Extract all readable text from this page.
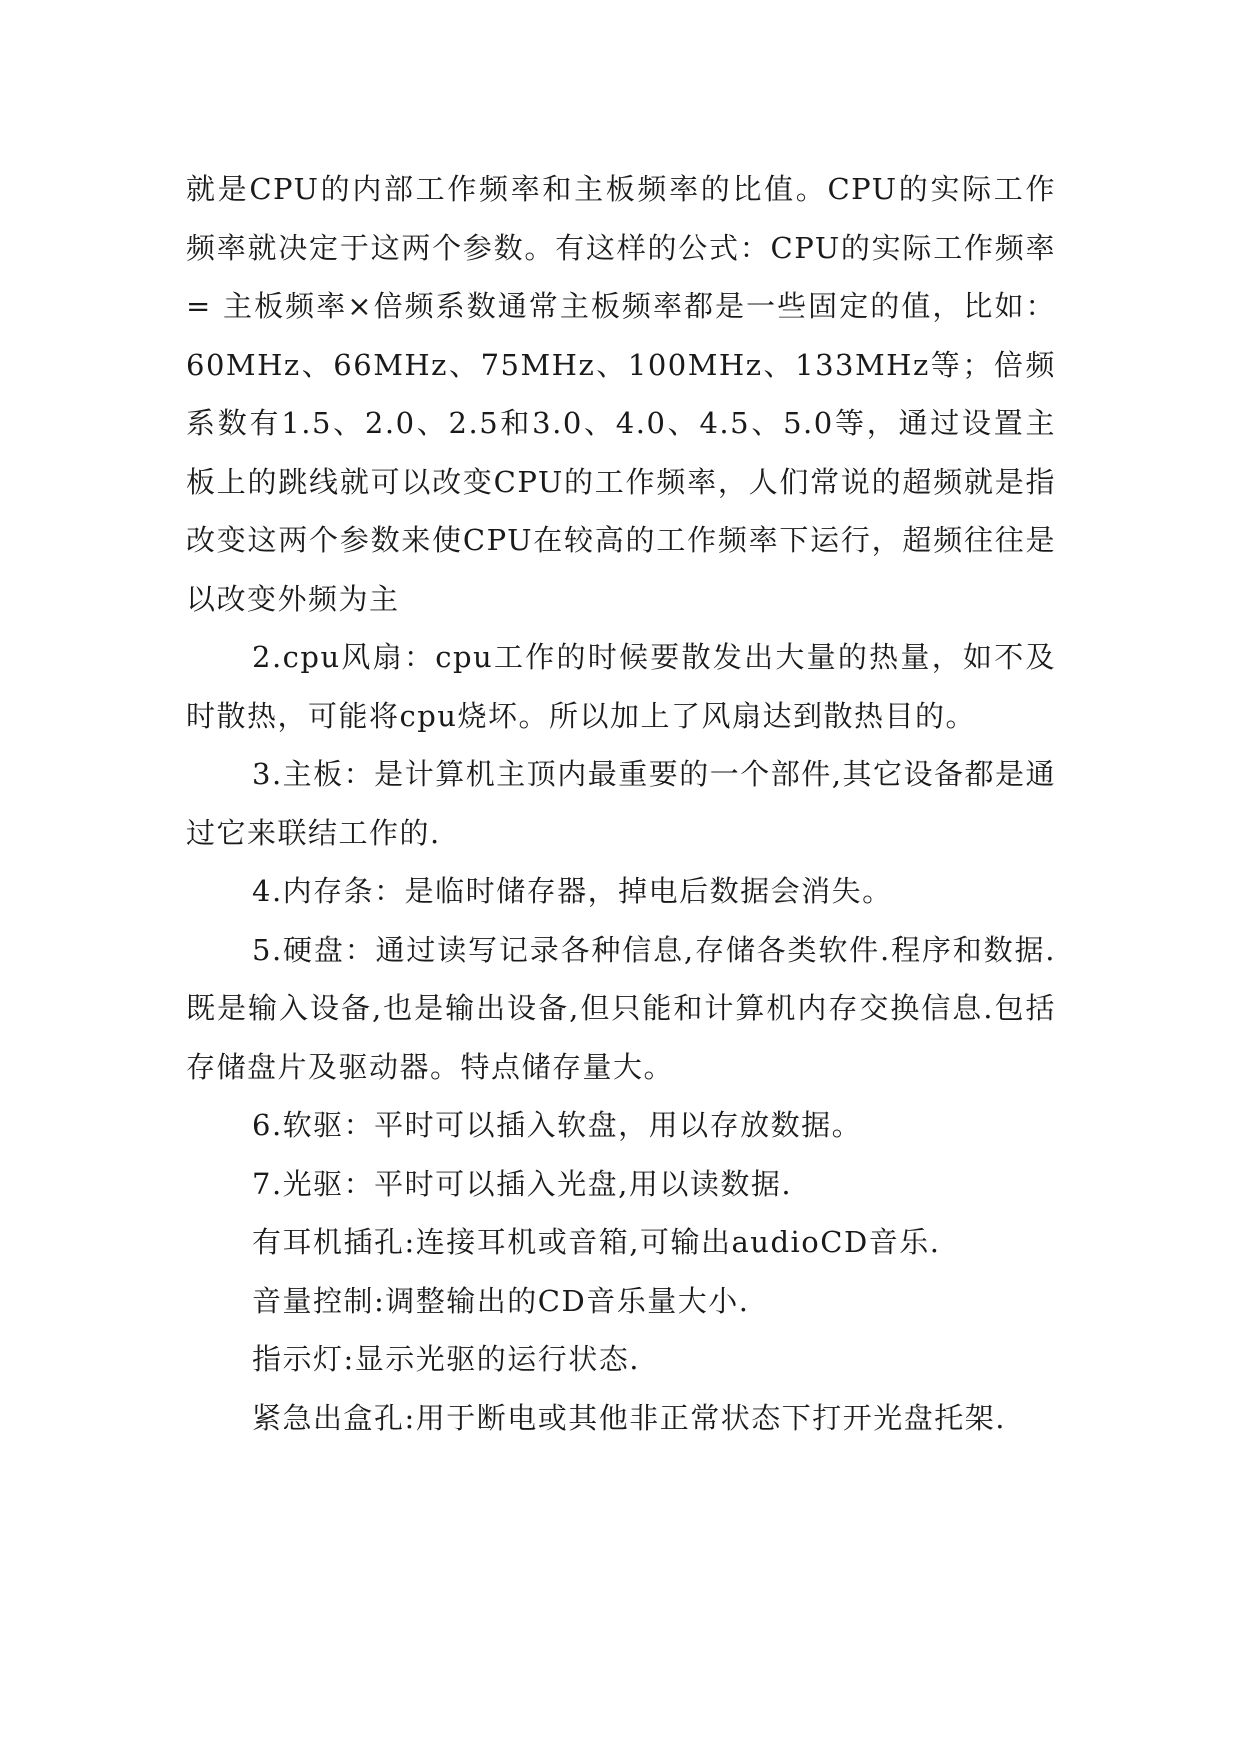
就是CPU的内部工作频率和主板频率的比值。CPU的实际工作频率就决定于这两个参数。有这样的公式：CPU的实际工作频率 = 主板频率×倍频系数通常主板频率都是一些固定的值，比如：60MHz、66MHz、75MHz、100MHz、133MHz等；倍频系数有1.5、2.0、2.5和3.0、4.0、4.5、5.0等，通过设置主板上的跳线就可以改变CPU的工作频率，人们常说的超频就是指改变这两个参数来使CPU在较高的工作频率下运行，超频往往是以改变外频为主

2.cpu风扇：cpu工作的时候要散发出大量的热量，如不及时散热，可能将cpu烧坏。所以加上了风扇达到散热目的。

3.主板：是计算机主顶内最重要的一个部件,其它设备都是通过它来联结工作的.

4.内存条：是临时储存器，掉电后数据会消失。

5.硬盘：通过读写记录各种信息,存储各类软件.程序和数据.既是输入设备,也是输出设备,但只能和计算机内存交换信息.包括存储盘片及驱动器。特点储存量大。

6.软驱：平时可以插入软盘，用以存放数据。

7.光驱：平时可以插入光盘,用以读数据.

有耳机插孔:连接耳机或音箱,可输出audioCD音乐.

音量控制:调整输出的CD音乐量大小.

指示灯:显示光驱的运行状态.

紧急出盒孔:用于断电或其他非正常状态下打开光盘托架.
